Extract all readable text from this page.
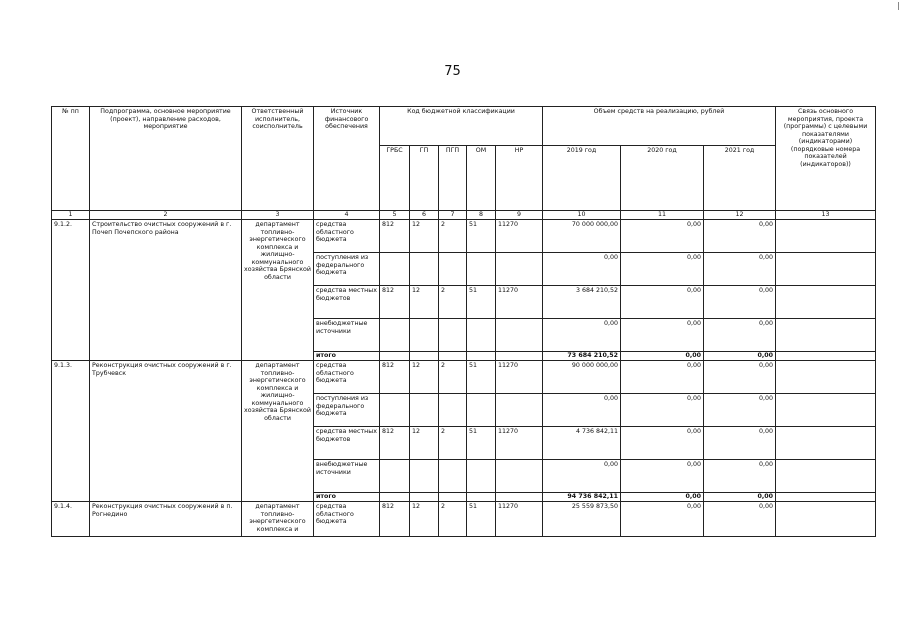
75
№ пп	Подпрограмма, основное мероприятие (проект), направление расходов, мероприятие	Ответственный исполнитель, соисполнитель	Источник финансового обеспечения	Код бюджетной классификации					Объем средств на реализацию, рублей			Связь основного мероприятия, проекта (программы) с целевыми показателями (индикаторами) (порядковые номера показателей (индикаторов))
				ГРБС	ГП	ПГП	ОМ	НР	2019 год	2020 год	2021 год	
1	2	3	4	5	6	7	8	9	10	11	12	13
9.1.2.	Строительство очистных сооружений в г. Почеп Почепского района	департамент топливно-энергетического комплекса и жилищно-коммунального хозяйства Брянской области	средства областного бюджета	812	12	2	51	11270	70 000 000,00	0,00	0,00	
			поступления из федерального бюджета						0,00	0,00	0,00	
			средства местных бюджетов	812	12	2	51	11270	3 684 210,52	0,00	0,00	
			внебюджетные источники						0,00	0,00	0,00	
			итого						73 684 210,52	0,00	0,00	
9.1.3.	Реконструкция очистных сооружений в г. Трубчевск	департамент топливно-энергетического комплекса и жилищно-коммунального хозяйства Брянской области	средства областного бюджета	812	12	2	51	11270	90 000 000,00	0,00	0,00	
			поступления из федерального бюджета						0,00	0,00	0,00	
			средства местных бюджетов	812	12	2	51	11270	4 736 842,11	0,00	0,00	
			внебюджетные источники						0,00	0,00	0,00	
			итого						94 736 842,11	0,00	0,00	
9.1.4.	Реконструкция очистных сооружений в п. Рогнедино	департамент топливно-энергетического комплекса и	средства областного бюджета	812	12	2	51	11270	25 559 873,50	0,00	0,00	
